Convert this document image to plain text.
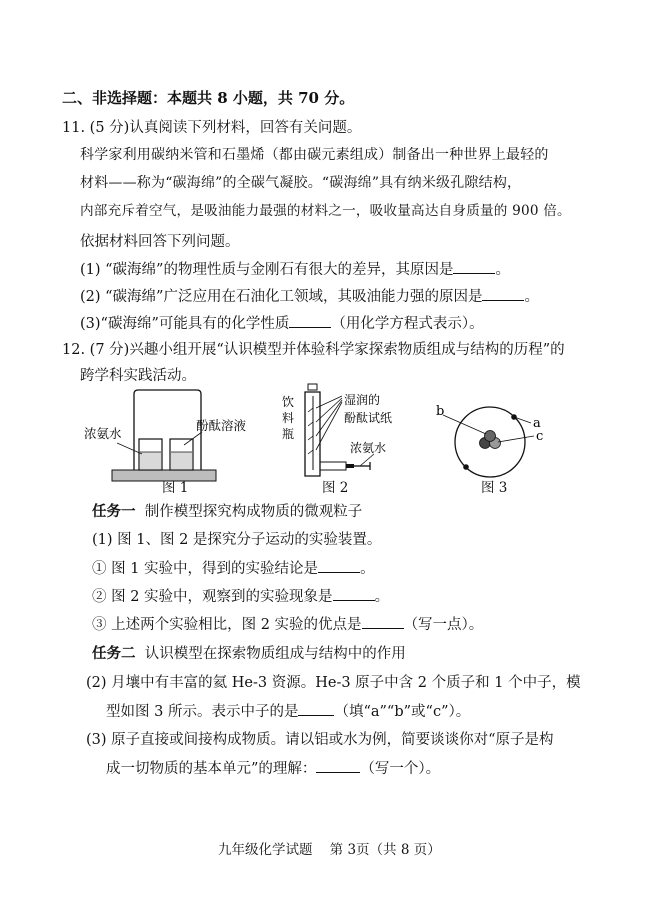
二、非选择题：本题共 8 小题，共 70 分。
11. (5 分)认真阅读下列材料，回答有关问题。
科学家利用碳纳米管和石墨烯（都由碳元素组成）制备出一种世界上最轻的
材料——称为“碳海绵”的全碳气凝胶。“碳海绵”具有纳米级孔隙结构，
内部充斥着空气，是吸油能力最强的材料之一，吸收量高达自身质量的 900 倍。
依据材料回答下列问题。
(1) “碳海绵”的物理性质与金刚石有很大的差异，其原因是	。
(2) “碳海绵”广泛应用在石油化工领域，其吸油能力强的原因是	。
(3)“碳海绵”可能具有的化学性质	（用化学方程式表示）。
12. (7 分)兴趣小组开展“认识模型并体验科学家探索物质组成与结构的历程”的
跨学科实践活动。
浓氨水
酚酞溶液
图 1
饮
料
瓶
湿润的
酚酞试纸
浓氨水
图 2
b
a
c
图 3
任务一 制作模型探究构成物质的微观粒子
(1) 图 1、图 2 是探究分子运动的实验装置。
① 图 1 实验中，得到的实验结论是	。
② 图 2 实验中，观察到的实验现象是	。
③ 上述两个实验相比，图 2 实验的优点是	（写一点）。
任务二 认识模型在探索物质组成与结构中的作用
(2) 月壤中有丰富的氦 He-3 资源。He-3 原子中含 2 个质子和 1 个中子，模
型如图 3 所示。表示中子的是 （填“a”“b”或“c”）。
(3) 原子直接或间接构成物质。请以铝或水为例，简要谈谈你对“原子是构
成一切物质的基本单元”的理解：	（写一个）。
九年级化学试题    第 3页（共 8 页）
